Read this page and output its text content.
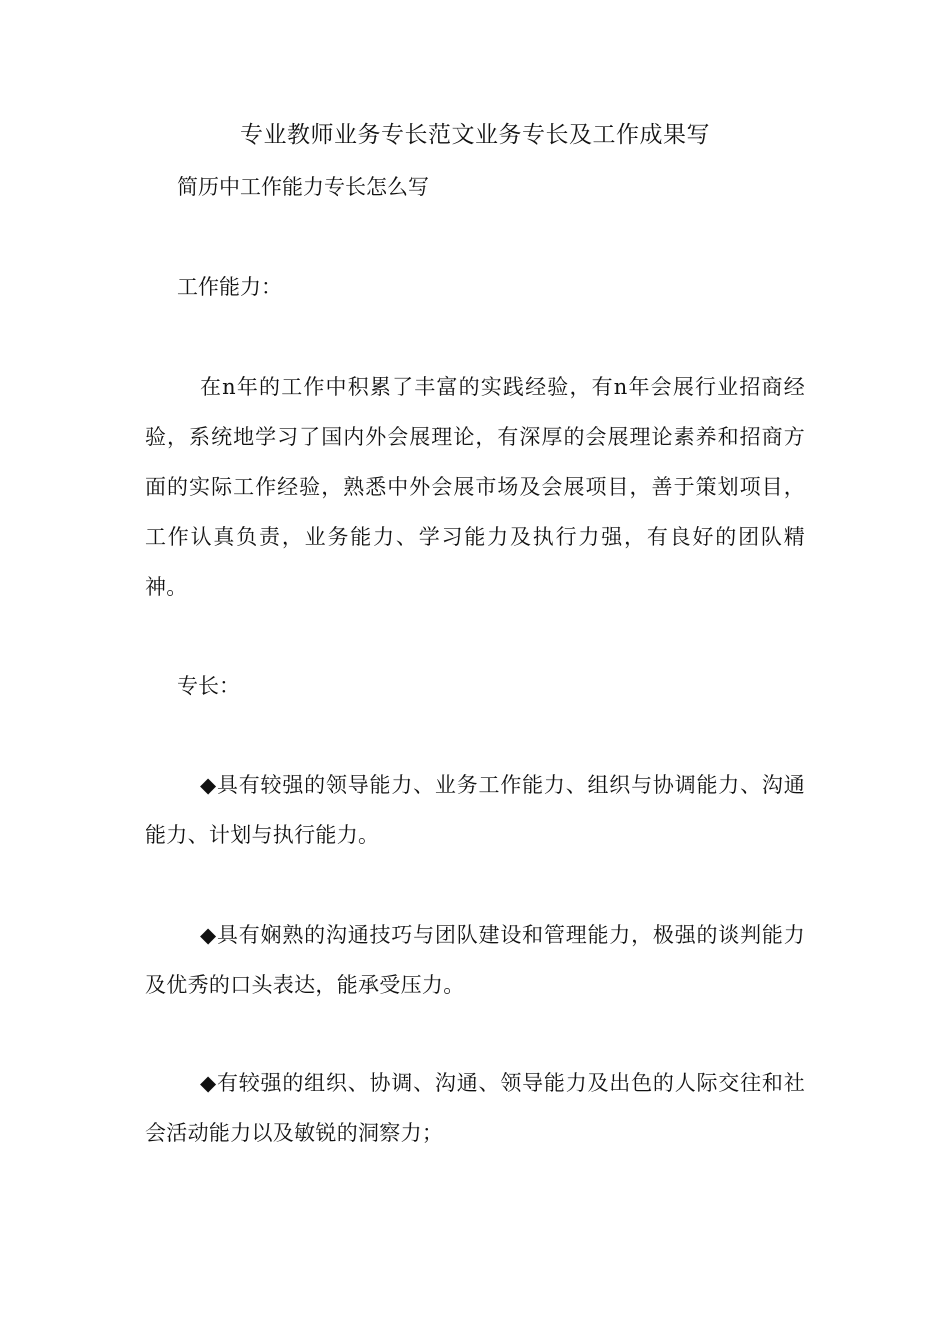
专业教师业务专长范文业务专长及工作成果写

简历中工作能力专长怎么写

工作能力：

在n年的工作中积累了丰富的实践经验，有n年会展行业招商经验，系统地学习了国内外会展理论，有深厚的会展理论素养和招商方面的实际工作经验，熟悉中外会展市场及会展项目，善于策划项目，工作认真负责，业务能力、学习能力及执行力强，有良好的团队精神。

专长：

◆具有较强的领导能力、业务工作能力、组织与协调能力、沟通能力、计划与执行能力。

◆具有娴熟的沟通技巧与团队建设和管理能力，极强的谈判能力及优秀的口头表达，能承受压力。

◆有较强的组织、协调、沟通、领导能力及出色的人际交往和社会活动能力以及敏锐的洞察力；
